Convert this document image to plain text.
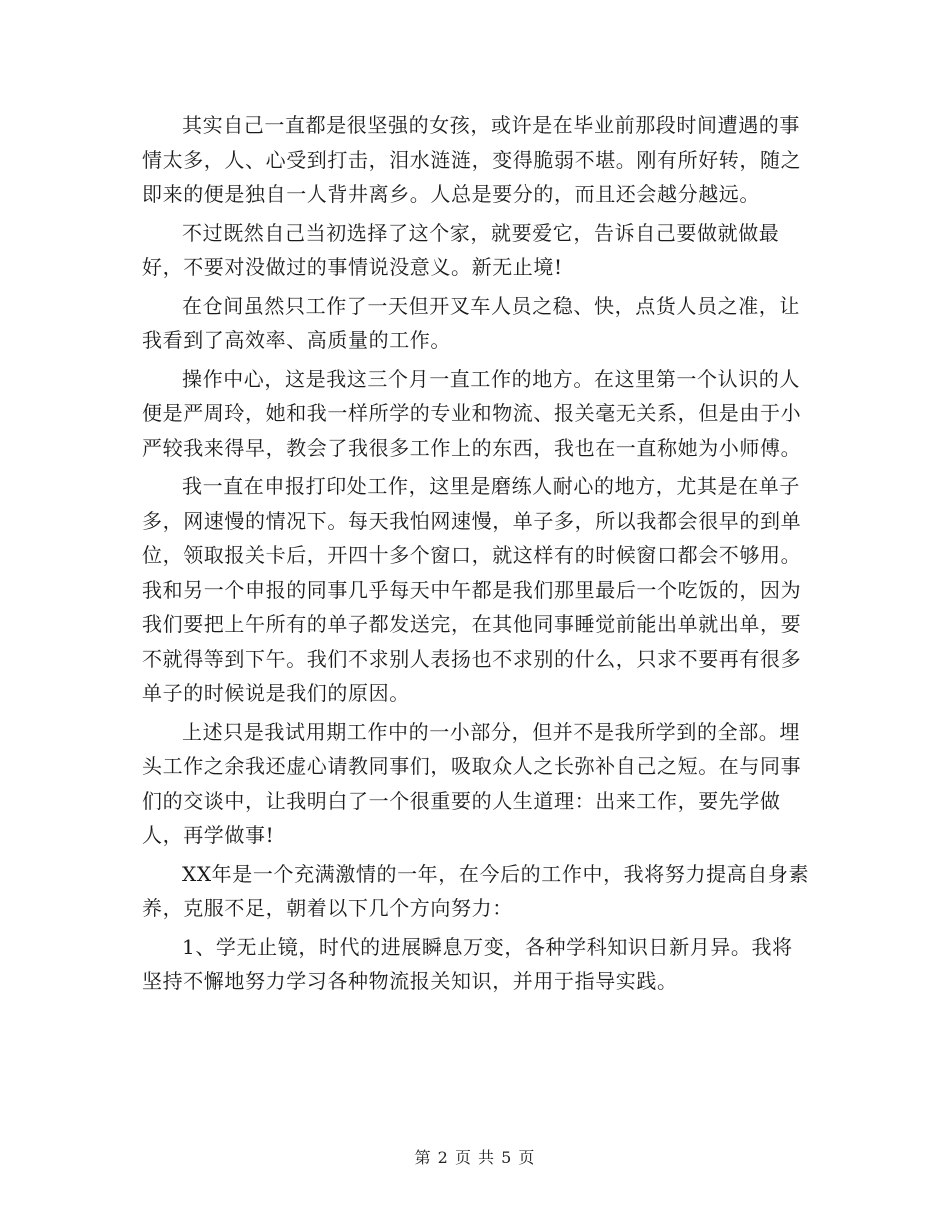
其实自己一直都是很坚强的女孩，或许是在毕业前那段时间遭遇的事情太多，人、心受到打击，泪水涟涟，变得脆弱不堪。刚有所好转，随之即来的便是独自一人背井离乡。人总是要分的，而且还会越分越远。

不过既然自己当初选择了这个家，就要爱它，告诉自己要做就做最好，不要对没做过的事情说没意义。新无止境!

在仓间虽然只工作了一天但开叉车人员之稳、快，点货人员之准，让我看到了高效率、高质量的工作。

操作中心，这是我这三个月一直工作的地方。在这里第一个认识的人便是严周玲，她和我一样所学的专业和物流、报关毫无关系，但是由于小严较我来得早，教会了我很多工作上的东西，我也在一直称她为小师傅。

我一直在申报打印处工作，这里是磨练人耐心的地方，尤其是在单子多，网速慢的情况下。每天我怕网速慢，单子多，所以我都会很早的到单位，领取报关卡后，开四十多个窗口，就这样有的时候窗口都会不够用。我和另一个申报的同事几乎每天中午都是我们那里最后一个吃饭的，因为我们要把上午所有的单子都发送完，在其他同事睡觉前能出单就出单，要不就得等到下午。我们不求别人表扬也不求别的什么，只求不要再有很多单子的时候说是我们的原因。

上述只是我试用期工作中的一小部分，但并不是我所学到的全部。埋头工作之余我还虚心请教同事们，吸取众人之长弥补自己之短。在与同事们的交谈中，让我明白了一个很重要的人生道理：出来工作，要先学做人，再学做事!

XX年是一个充满激情的一年，在今后的工作中，我将努力提高自身素养，克服不足，朝着以下几个方向努力：

1、学无止镜，时代的进展瞬息万变，各种学科知识日新月异。我将坚持不懈地努力学习各种物流报关知识，并用于指导实践。

第 2 页 共 5 页
